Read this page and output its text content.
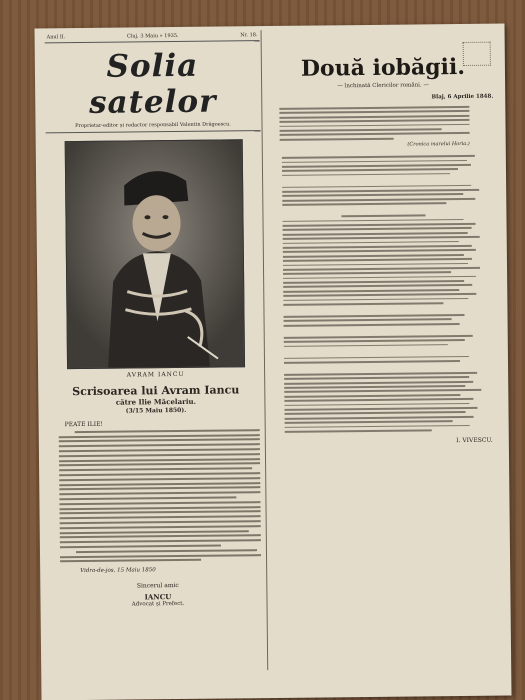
Anul II.	Cluj, 3 Maiu » 1935.	Nr. 18.
Solia satelor
Proprietar-editor și redactor responsabil Valentin Drăgoescu.
AVRAM IANCU
Scrisoarea lui Avram Iancu
către Ilie Măcelariu.
(3/15 Maiu 1850).
PEATE ILIE!
Vidra-de-jos, 15 Maiu 1850
Sincerul amic
IANCU
Advocat și Prefect.
Două iobăgii.
— închinată Clericilor români. —
Blaj, 6 Aprilie 1848.
(Cronica marelui Horia.)
I. VIVESCU.
